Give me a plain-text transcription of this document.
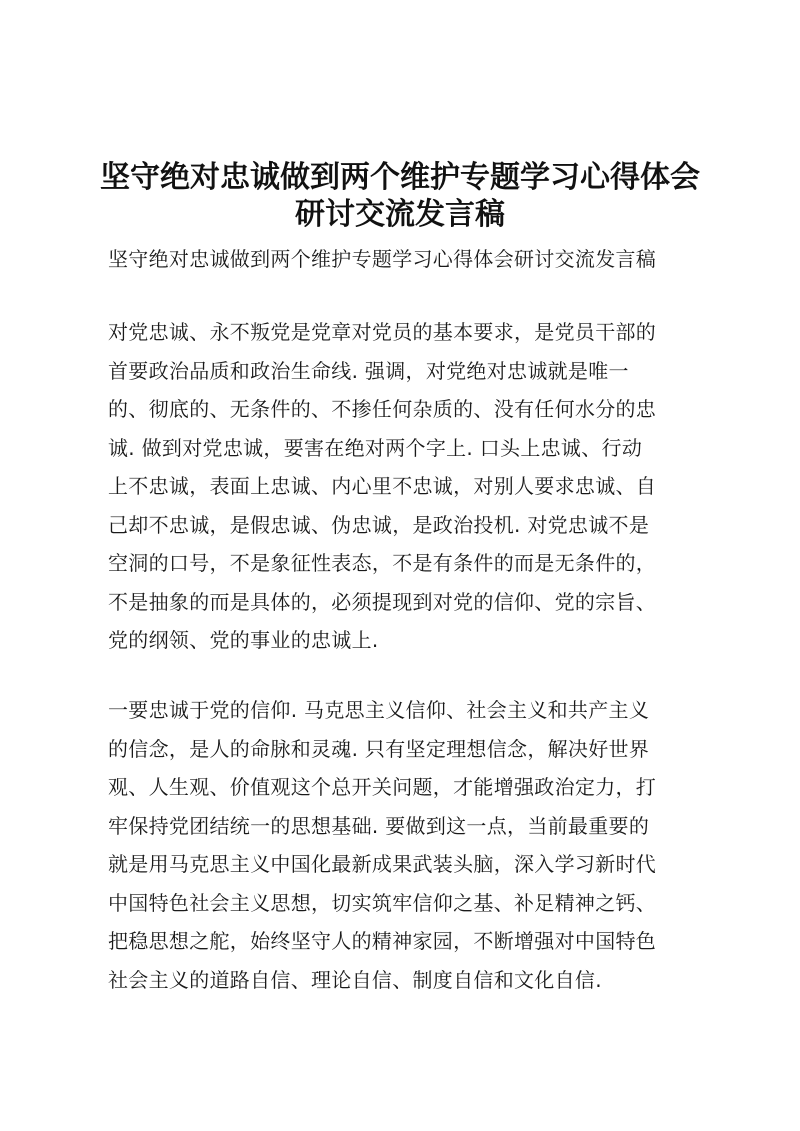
坚守绝对忠诚做到两个维护专题学习心得体会
研讨交流发言稿
坚守绝对忠诚做到两个维护专题学习心得体会研讨交流发言稿
对党忠诚、永不叛党是党章对党员的基本要求，是党员干部的
首要政治品质和政治生命线. 强调，对党绝对忠诚就是唯一
的、彻底的、无条件的、不掺任何杂质的、没有任何水分的忠
诚. 做到对党忠诚，要害在绝对两个字上. 口头上忠诚、行动
上不忠诚，表面上忠诚、内心里不忠诚，对别人要求忠诚、自
己却不忠诚，是假忠诚、伪忠诚，是政治投机. 对党忠诚不是
空洞的口号，不是象征性表态，不是有条件的而是无条件的，
不是抽象的而是具体的，必须提现到对党的信仰、党的宗旨、
党的纲领、党的事业的忠诚上.
一要忠诚于党的信仰. 马克思主义信仰、社会主义和共产主义
的信念，是人的命脉和灵魂. 只有坚定理想信念，解决好世界
观、人生观、价值观这个总开关问题，才能增强政治定力，打
牢保持党团结统一的思想基础. 要做到这一点，当前最重要的
就是用马克思主义中国化最新成果武装头脑，深入学习新时代
中国特色社会主义思想，切实筑牢信仰之基、补足精神之钙、
把稳思想之舵，始终坚守人的精神家园，不断增强对中国特色
社会主义的道路自信、理论自信、制度自信和文化自信.
